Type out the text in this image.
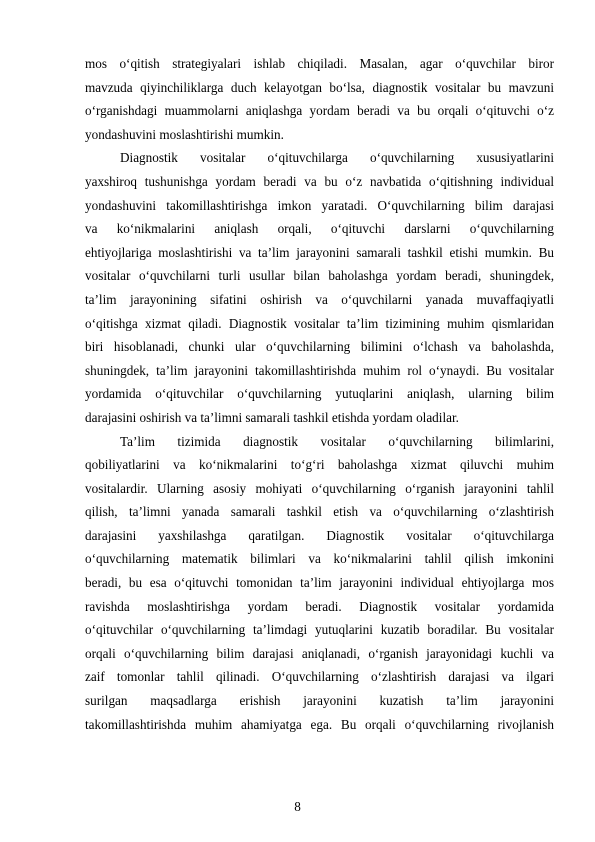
mos o‘qitish strategiyalari ishlab chiqiladi. Masalan, agar o‘quvchilar biror
mavzuda qiyinchiliklarga duch kelayotgan bo‘lsa, diagnostik vositalar bu mavzuni
o‘rganishdagi muammolarni aniqlashga yordam beradi va bu orqali o‘qituvchi o‘z
yondashuvini moslashtirishi mumkin.
Diagnostik vositalar o‘qituvchilarga o‘quvchilarning xususiyatlarini
yaxshiroq tushunishga yordam beradi va bu o‘z navbatida o‘qitishning individual
yondashuvini takomillashtirishga imkon yaratadi. O‘quvchilarning bilim darajasi
va ko‘nikmalarini aniqlash orqali, o‘qituvchi darslarni o‘quvchilarning
ehtiyojlariga moslashtirishi va ta’lim jarayonini samarali tashkil etishi mumkin. Bu
vositalar o‘quvchilarni turli usullar bilan baholashga yordam beradi, shuningdek,
ta’lim jarayonining sifatini oshirish va o‘quvchilarni yanada muvaffaqiyatli
o‘qitishga xizmat qiladi. Diagnostik vositalar ta’lim tizimining muhim qismlaridan
biri hisoblanadi, chunki ular o‘quvchilarning bilimini o‘lchash va baholashda,
shuningdek, ta’lim jarayonini takomillashtirishda muhim rol o‘ynaydi. Bu vositalar
yordamida o‘qituvchilar o‘quvchilarning yutuqlarini aniqlash, ularning bilim
darajasini oshirish va ta’limni samarali tashkil etishda yordam oladilar.
Ta’lim tizimida diagnostik vositalar o‘quvchilarning bilimlarini,
qobiliyatlarini va ko‘nikmalarini to‘g‘ri baholashga xizmat qiluvchi muhim
vositalardir. Ularning asosiy mohiyati o‘quvchilarning o‘rganish jarayonini tahlil
qilish, ta’limni yanada samarali tashkil etish va o‘quvchilarning o‘zlashtirish
darajasini yaxshilashga qaratilgan. Diagnostik vositalar o‘qituvchilarga
o‘quvchilarning matematik bilimlari va ko‘nikmalarini tahlil qilish imkonini
beradi, bu esa o‘qituvchi tomonidan ta’lim jarayonini individual ehtiyojlarga mos
ravishda moslashtirishga yordam beradi. Diagnostik vositalar yordamida
o‘qituvchilar o‘quvchilarning ta’limdagi yutuqlarini kuzatib boradilar. Bu vositalar
orqali o‘quvchilarning bilim darajasi aniqlanadi, o‘rganish jarayonidagi kuchli va
zaif tomonlar tahlil qilinadi. O‘quvchilarning o‘zlashtirish darajasi va ilgari
surilgan maqsadlarga erishish jarayonini kuzatish ta’lim jarayonini
takomillashtirishda muhim ahamiyatga ega. Bu orqali o‘quvchilarning rivojlanish
8
